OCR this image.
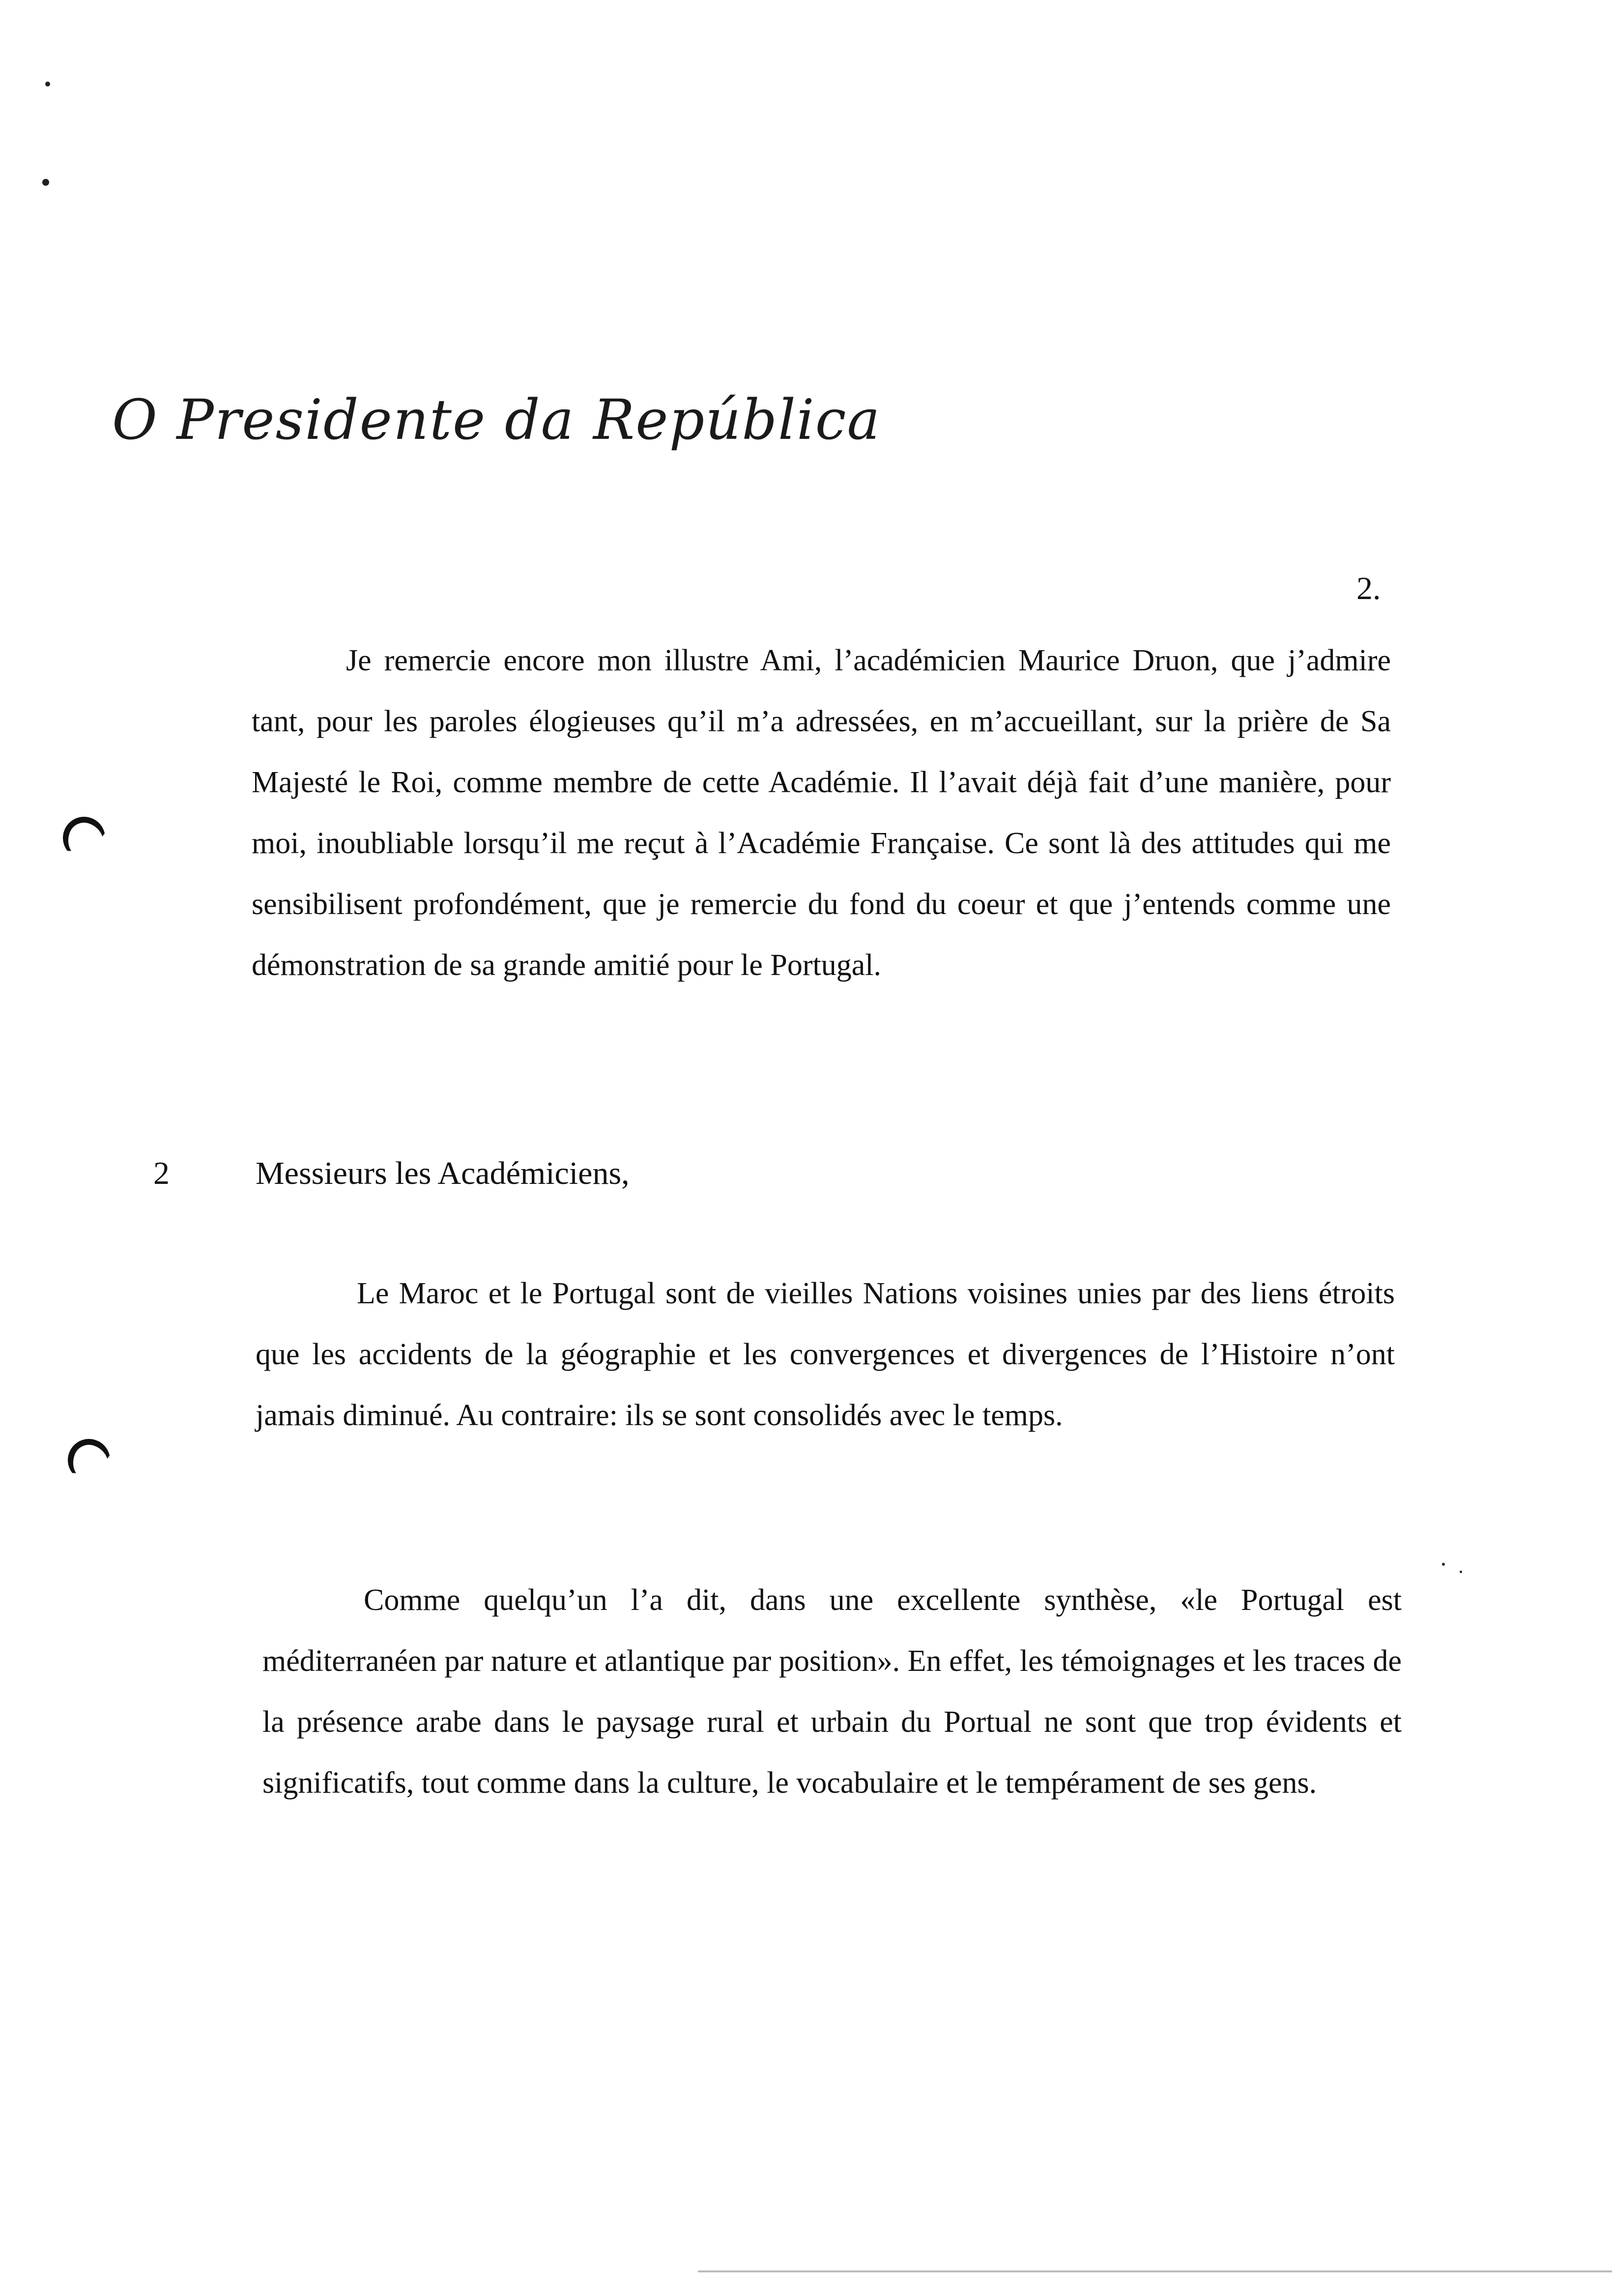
O Presidente da República
2.

Je remercie encore mon illustre Ami, l’académicien Maurice Druon, que j’admire tant, pour les paroles élogieuses qu’il m’a adressées, en m’accueillant, sur la prière de Sa Majesté le Roi, comme membre de cette Académie. Il l’avait déjà fait d’une manière, pour moi, inoubliable lorsqu’il me reçut à l’Académie Française. Ce sont là des attitudes qui me sensibilisent profondément, que je remercie du fond du coeur et que j’entends comme une démonstration de sa grande amitié pour le Portugal.

2	Messieurs les Académiciens,

Le Maroc et le Portugal sont de vieilles Nations voisines unies par des liens étroits que les accidents de la géographie et les convergences et divergences de l’Histoire n’ont jamais diminué. Au contraire: ils se sont consolidés avec le temps.

Comme quelqu’un l’a dit, dans une excellente synthèse, «le Portugal est méditerranéen par nature et atlantique par position». En effet, les témoignages et les traces de la présence arabe dans le paysage rural et urbain du Portual ne sont que trop évidents et significatifs, tout comme dans la culture, le vocabulaire et le tempérament de ses gens.
